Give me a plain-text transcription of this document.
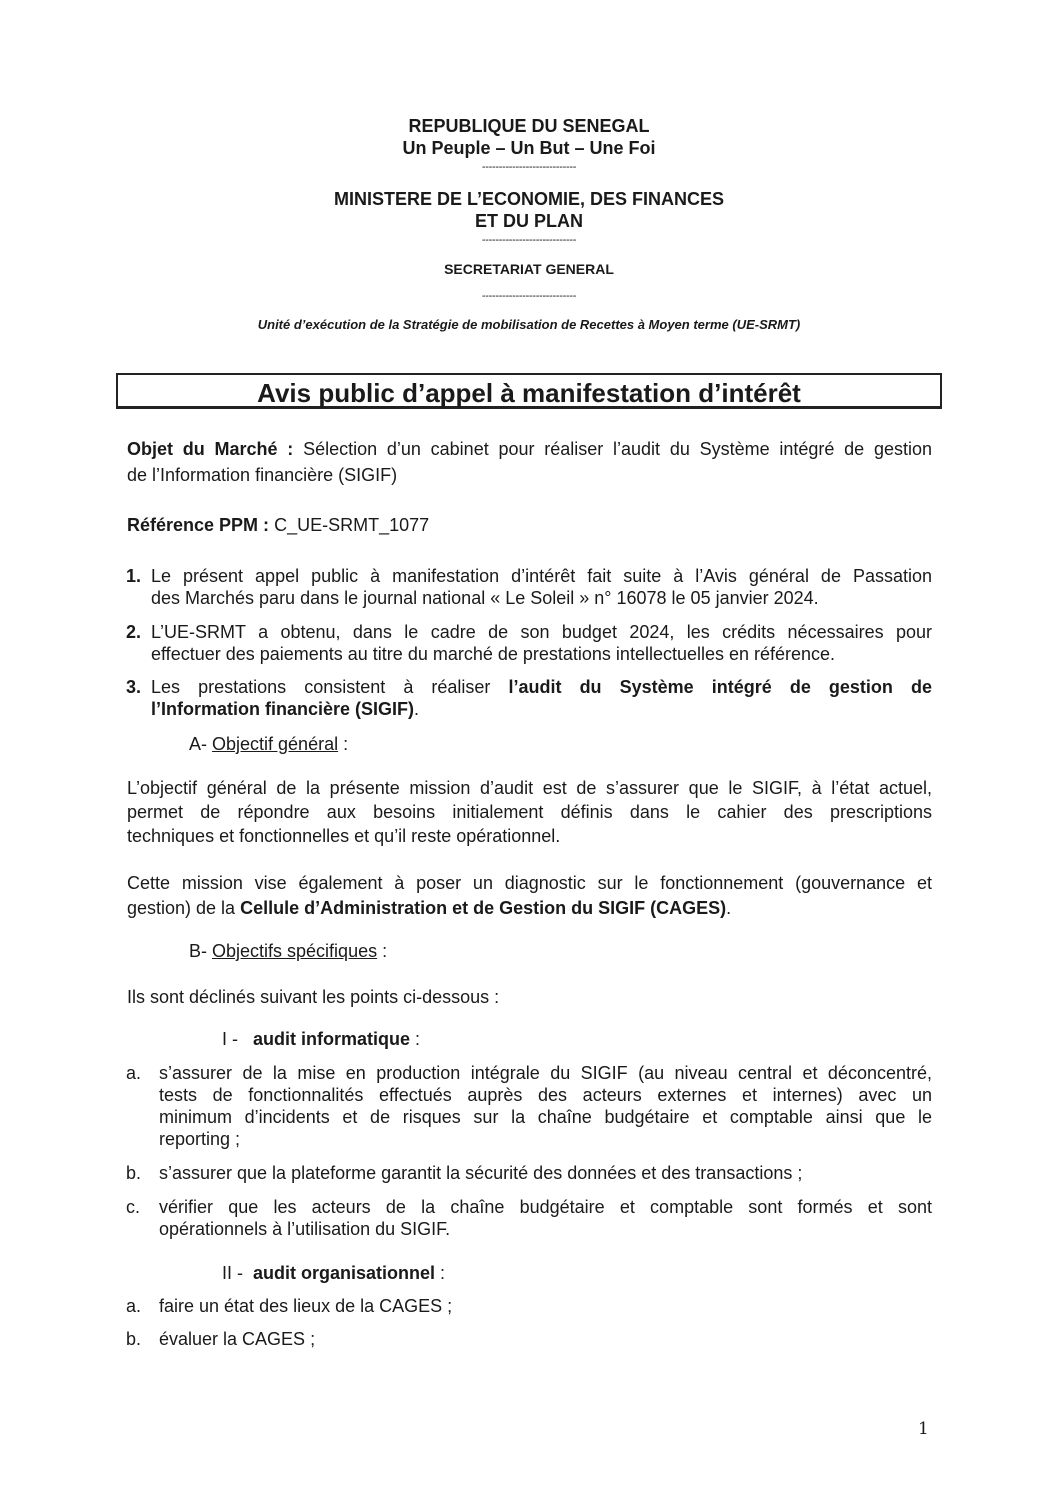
REPUBLIQUE DU SENEGAL
Un Peuple – Un But – Une Foi
----------------------------
MINISTERE DE L’ECONOMIE, DES FINANCES
ET DU PLAN
----------------------------
SECRETARIAT GENERAL
----------------------------
Unité d’exécution de la Stratégie de mobilisation de Recettes à Moyen terme (UE-SRMT)
Avis public d’appel à manifestation d’intérêt
Objet du Marché : Sélection d’un cabinet pour réaliser l’audit du Système intégré de gestion
de l’Information financière (SIGIF)
Référence PPM : C_UE-SRMT_1077
1. Le présent appel public à manifestation d’intérêt fait suite à l’Avis général de Passation
des Marchés paru dans le journal national « Le Soleil » n° 16078 le 05 janvier 2024.
2. L’UE-SRMT a obtenu, dans le cadre de son budget 2024, les crédits nécessaires pour
effectuer des paiements au titre du marché de prestations intellectuelles en référence.
3. Les prestations consistent à réaliser l’audit du Système intégré de gestion de
l’Information financière (SIGIF).
A- Objectif général :
L’objectif général de la présente mission d’audit est de s’assurer que le SIGIF, à l’état actuel,
permet de répondre aux besoins initialement définis dans le cahier des prescriptions
techniques et fonctionnelles et qu’il reste opérationnel.
Cette mission vise également à poser un diagnostic sur le fonctionnement (gouvernance et
gestion) de la Cellule d’Administration et de Gestion du SIGIF (CAGES).
B- Objectifs spécifiques :
Ils sont déclinés suivant les points ci-dessous :
I - audit informatique :
a. s’assurer de la mise en production intégrale du SIGIF (au niveau central et déconcentré,
tests de fonctionnalités effectués auprès des acteurs externes et internes) avec un
minimum d’incidents et de risques sur la chaîne budgétaire et comptable ainsi que le
reporting ;
b. s’assurer que la plateforme garantit la sécurité des données et des transactions ;
c. vérifier que les acteurs de la chaîne budgétaire et comptable sont formés et sont
opérationnels à l’utilisation du SIGIF.
II - audit organisationnel :
a. faire un état des lieux de la CAGES ;
b. évaluer la CAGES ;
1
